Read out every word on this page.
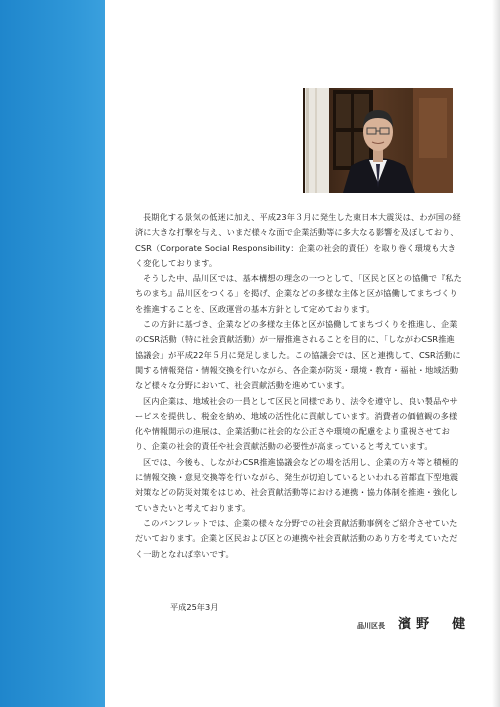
長期化する景気の低迷に加え、平成23年３月に発生した東日本大震災は、わが国の経済に大きな打撃を与え、いまだ様々な面で企業活動等に多大なる影響を及ぼしており、CSR（Corporate Social Responsibility：企業の社会的責任）を取り巻く環境も大きく変化しております。

そうした中、品川区では、基本構想の理念の一つとして、「区民と区との協働で『私たちのまち』品川区をつくる」を掲げ、企業などの多様な主体と区が協働してまちづくりを推進することを、区政運営の基本方針として定めております。

この方針に基づき、企業などの多様な主体と区が協働してまちづくりを推進し、企業のCSR活動（特に社会貢献活動）が一層推進されることを目的に、「しながわCSR推進協議会」が平成22年５月に発足しました。この協議会では、区と連携して、CSR活動に関する情報発信・情報交換を行いながら、各企業が防災・環境・教育・福祉・地域活動など様々な分野において、社会貢献活動を進めています。

区内企業は、地域社会の一員として区民と同様であり、法令を遵守し、良い製品やサービスを提供し、税金を納め、地域の活性化に貢献しています。消費者の価値観の多様化や情報開示の進展は、企業活動に社会的な公正さや環境の配慮をより重視させており、企業の社会的責任や社会貢献活動の必要性が高まっていると考えています。

区では、今後も、しながわCSR推進協議会などの場を活用し、企業の方々等と積極的に情報交換・意見交換等を行いながら、発生が切迫しているといわれる首都直下型地震対策などの防災対策をはじめ、社会貢献活動等における連携・協力体制を推進・強化していきたいと考えております。

このパンフレットでは、企業の様々な分野での社会貢献活動事例をご紹介させていただいております。企業と区民および区との連携や社会貢献活動のあり方を考えていただく一助となれば幸いです。

平成25年3月
品川区長 濱野　健
